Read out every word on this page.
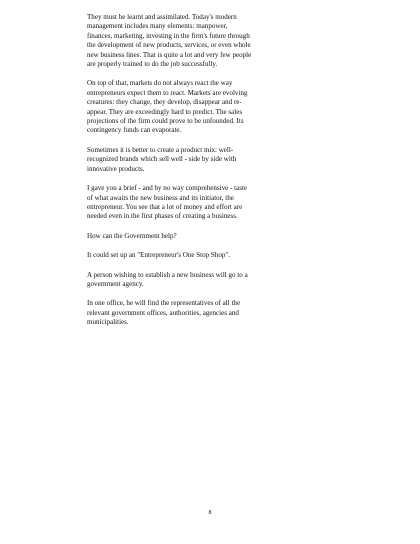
They must be learnt and assimilated. Today's modern
management includes many elements: manpower,
finances, marketing, investing in the firm's future through
the development of new products, services, or even whole
new business lines. That is quite a lot and very few people
are properly trained to do the job successfully.

On top of that, markets do not always react the way
entrepreneurs expect them to react. Markets are evolving
creatures: they change, they develop, disappear and re-
appear. They are exceedingly hard to predict. The sales
projections of the firm could prove to be unfounded. Its
contingency funds can evaporate.

Sometimes it is better to create a product mix: well-
recognized brands which sell well - side by side with
innovative products.

I gave you a brief - and by no way comprehensive - taste
of what awaits the new business and its initiator, the
entrepreneur. You see that a lot of money and effort are
needed even in the first phases of creating a business.

How can the Government help?

It could set up an "Entrepreneur's One Stop Shop".

A person wishing to establish a new business will go to a
government agency.

In one office, he will find the representatives of all the
relevant government offices, authorities, agencies and
municipalities.

8
